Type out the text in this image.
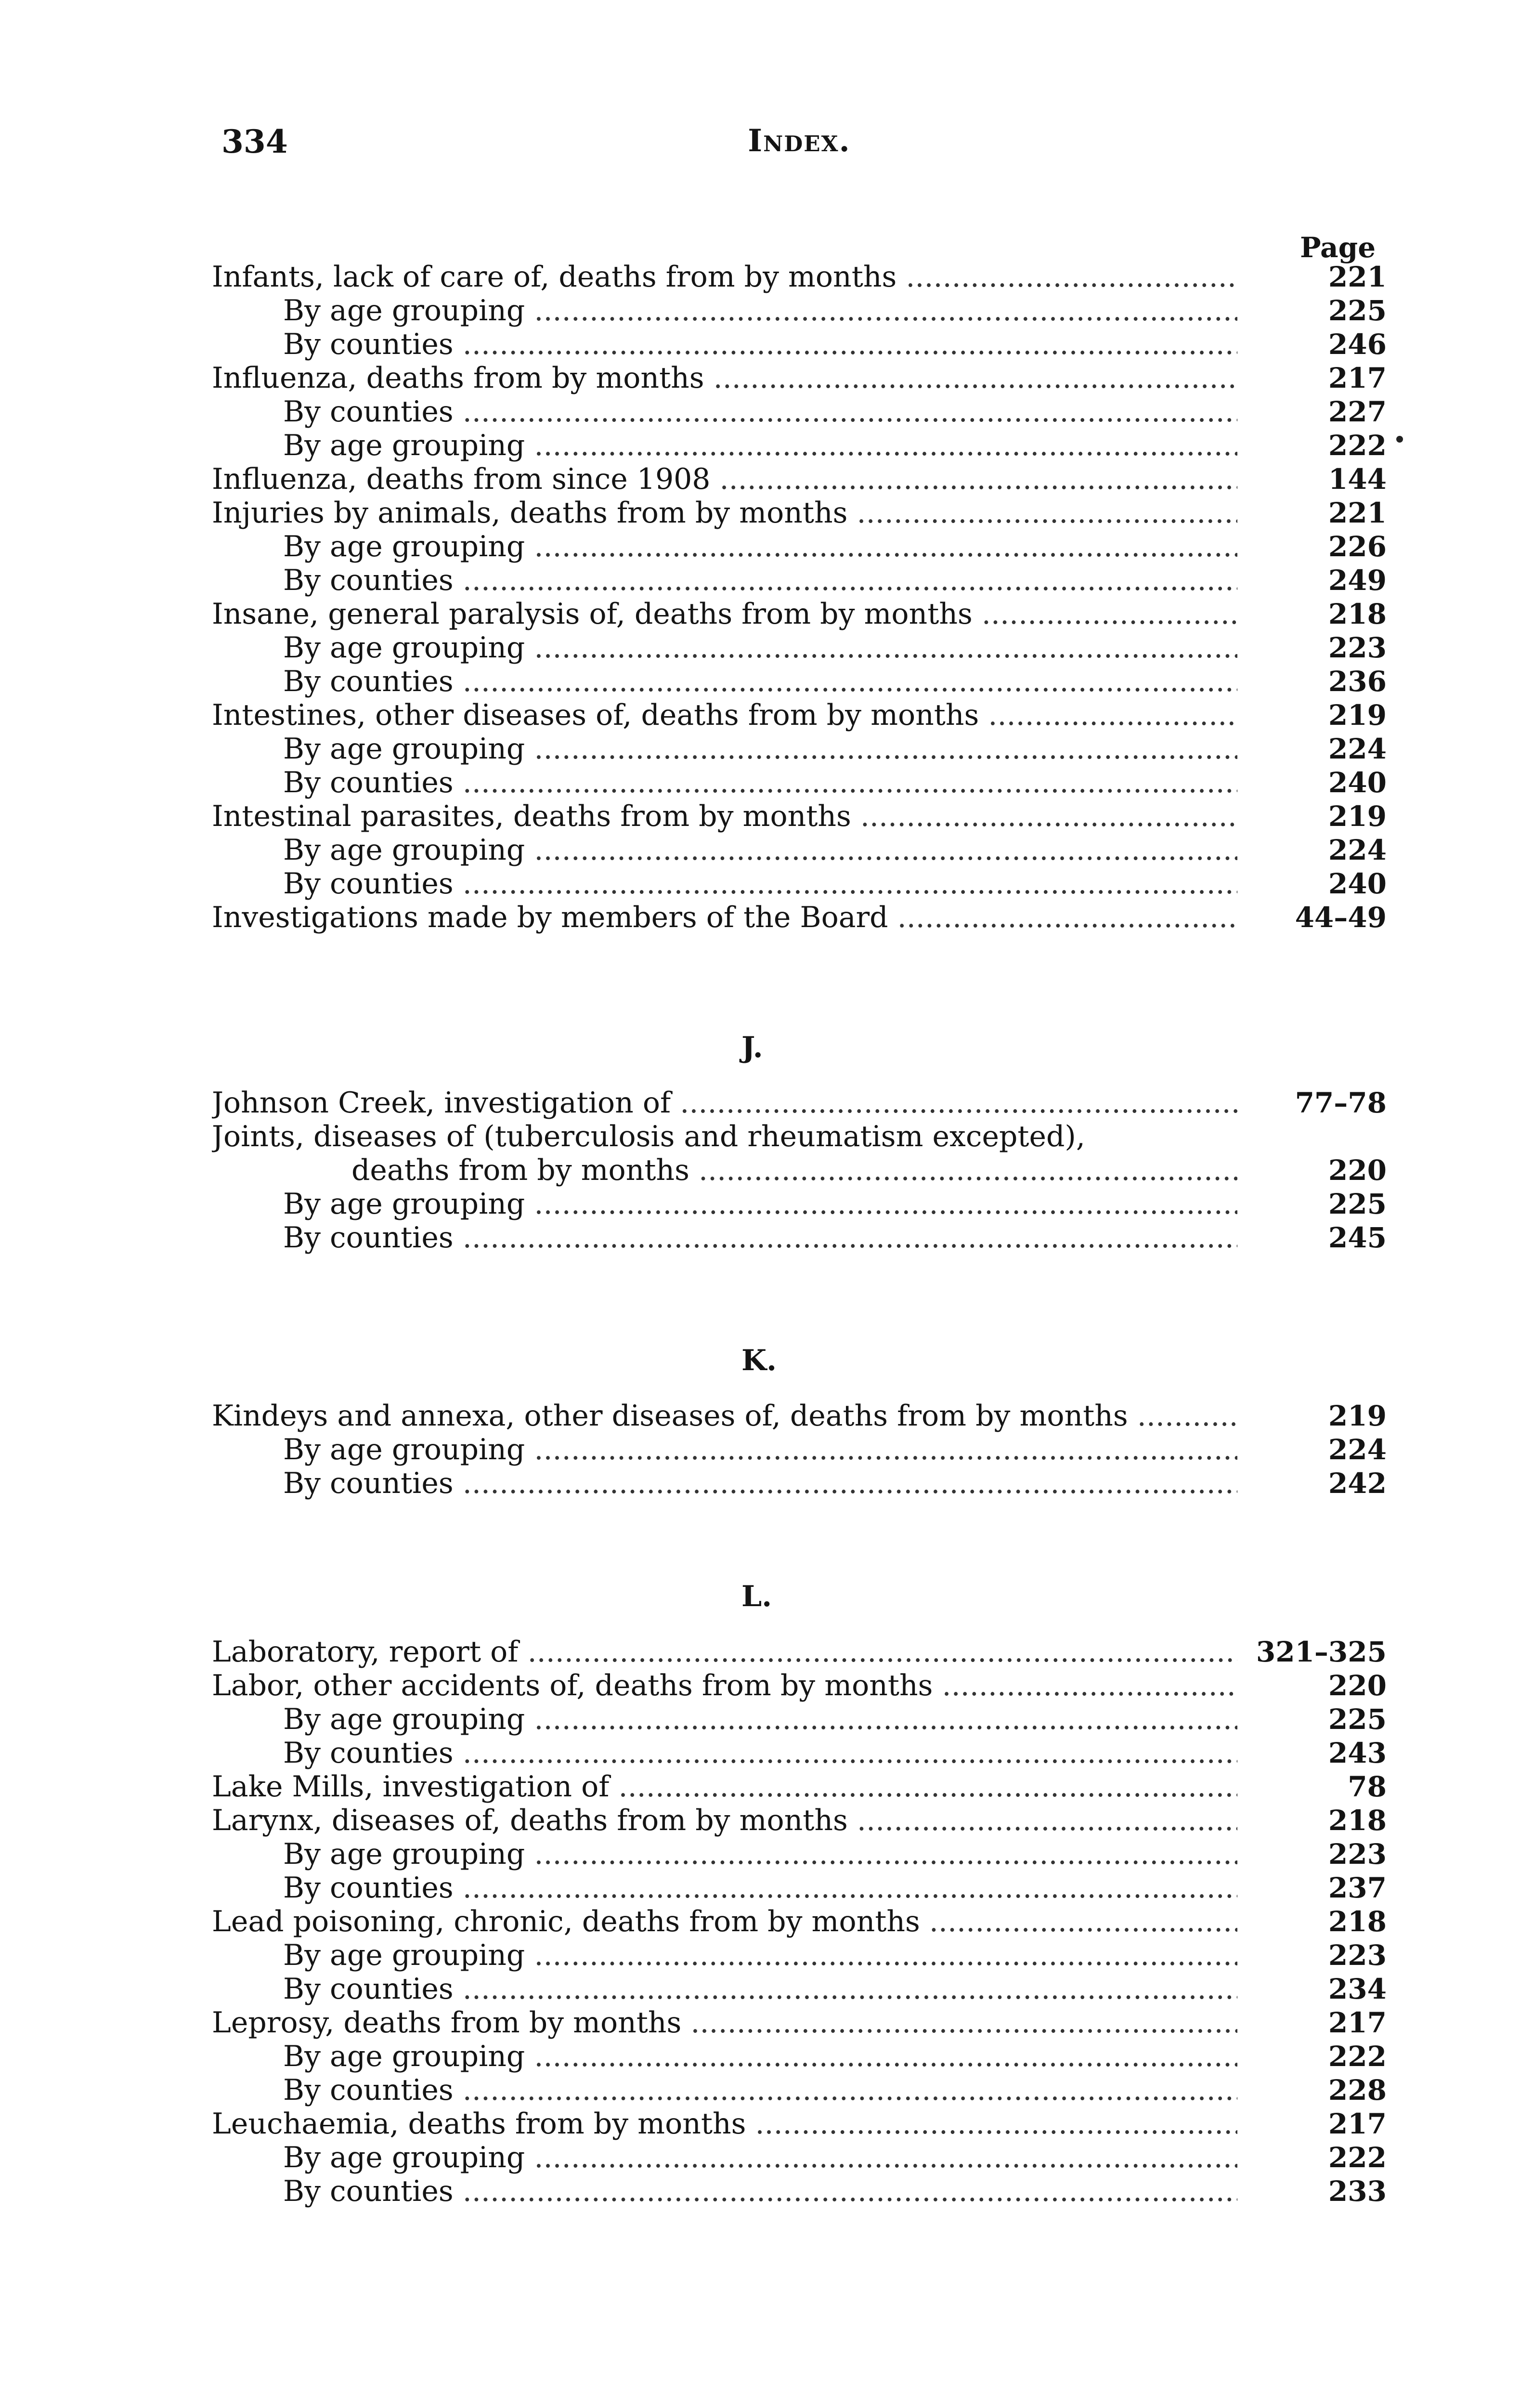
334	Index.
Page
Infants, lack of care of, deaths from by months .....	221
By age grouping .....	225
By counties .....	246
Influenza, deaths from by months .....	217
By counties .....	227
By age grouping .....	222
Influenza, deaths from since 1908 .....	144
Injuries by animals, deaths from by months .....	221
By age grouping .....	226
By counties .....	249
Insane, general paralysis of, deaths from by months .....	218
By age grouping .....	223
By counties .....	236
Intestines, other diseases of, deaths from by months .....	219
By age grouping .....	224
By counties .....	240
Intestinal parasites, deaths from by months .....	219
By age grouping .....	224
By counties .....	240
Investigations made by members of the Board .....	44–49
J.
Johnson Creek, investigation of .....	77–78
Joints, diseases of (tuberculosis and rheumatism excepted),
deaths from by months .....	220
By age grouping .....	225
By counties .....	245
K.
Kindeys and annexa, other diseases of, deaths from by months .....	219
By age grouping .....	224
By counties .....	242
L.
Laboratory, report of .....	321–325
Labor, other accidents of, deaths from by months .....	220
By age grouping .....	225
By counties .....	243
Lake Mills, investigation of .....	78
Larynx, diseases of, deaths from by months .....	218
By age grouping .....	223
By counties .....	237
Lead poisoning, chronic, deaths from by months .....	218
By age grouping .....	223
By counties .....	234
Leprosy, deaths from by months .....	217
By age grouping .....	222
By counties .....	228
Leuchaemia, deaths from by months .....	217
By age grouping .....	222
By counties .....	233
